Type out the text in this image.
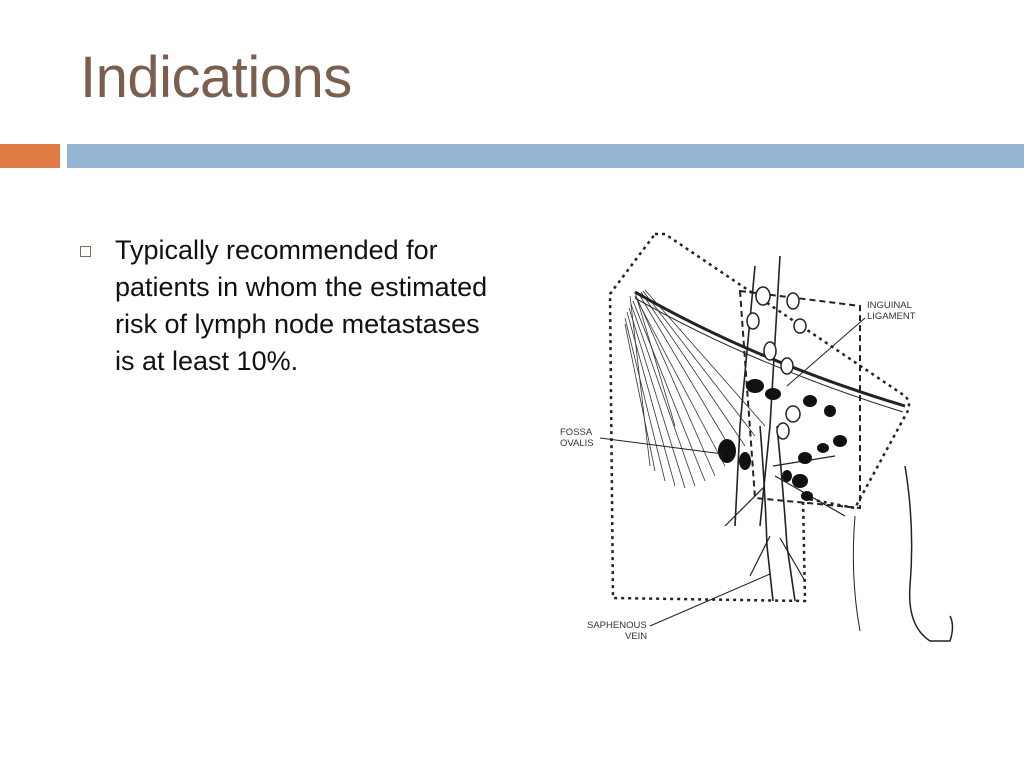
Indications
Typically recommended for patients in whom the estimated risk of lymph node metastases is at least 10%.
INGUINAL
LIGAMENT
FOSSA
OVALIS
SAPHENOUS
VEIN
